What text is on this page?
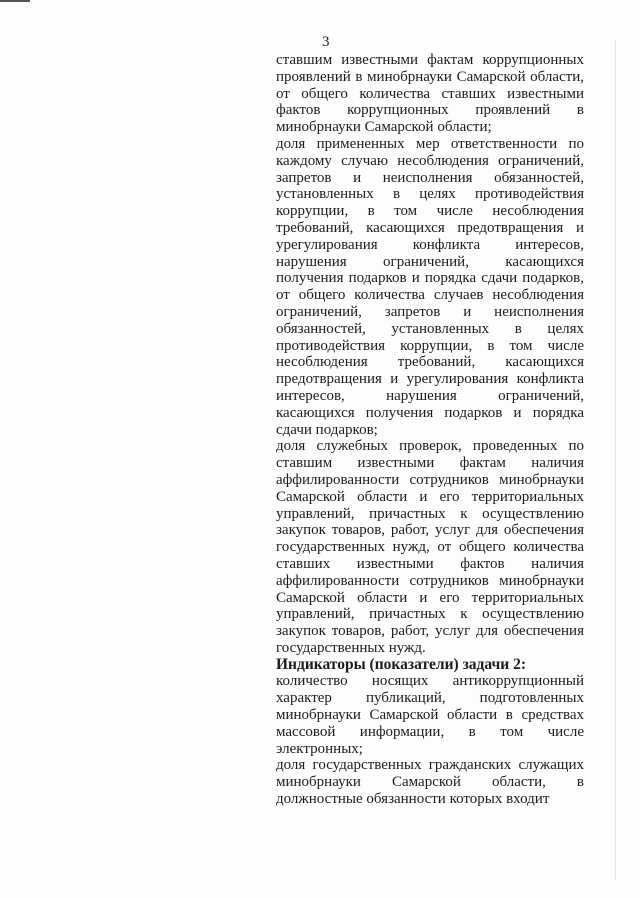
3

ставшим известными фактам коррупционных проявлений в минобрнауки Самарской области, от общего количества ставших известными фактов коррупционных проявлений в минобрнауки Самарской области;

доля примененных мер ответственности по каждому случаю несоблюдения ограничений, запретов и неисполнения обязанностей, установленных в целях противодействия коррупции, в том числе несоблюдения требований, касающихся предотвращения и урегулирования конфликта интересов, нарушения ограничений, касающихся получения подарков и порядка сдачи подарков, от общего количества случаев несоблюдения ограничений, запретов и неисполнения обязанностей, установленных в целях противодействия коррупции, в том числе несоблюдения требований, касающихся предотвращения и урегулирования конфликта интересов, нарушения ограничений, касающихся получения подарков и порядка сдачи подарков;

доля служебных проверок, проведенных по ставшим известными фактам наличия аффилированности сотрудников минобрнауки Самарской области и его территориальных управлений, причастных к осуществлению закупок товаров, работ, услуг для обеспечения государственных нужд, от общего количества ставших известными фактов наличия аффилированности сотрудников минобрнауки Самарской области и его территориальных управлений, причастных к осуществлению закупок товаров, работ, услуг для обеспечения государственных нужд.

Индикаторы (показатели) задачи 2:

количество носящих антикоррупционный характер публикаций, подготовленных минобрнауки Самарской области в средствах массовой информации, в том числе электронных;

доля государственных гражданских служащих минобрнауки Самарской области, в должностные обязанности которых входит
